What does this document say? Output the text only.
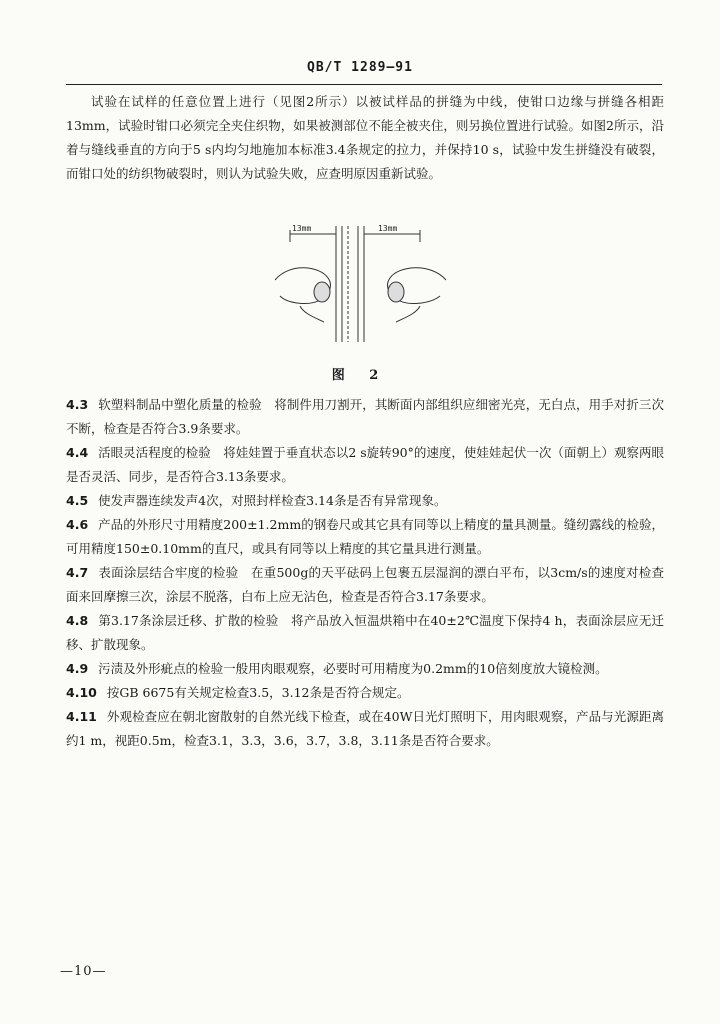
QB/T 1289—91

试验在试样的任意位置上进行（见图2所示）以被试样品的拼缝为中线，使钳口边缘与拼缝各相距13mm，试验时钳口必须完全夹住织物，如果被测部位不能全被夹住，则另换位置进行试验。如图2所示，沿着与缝线垂直的方向于5 s内均匀地施加本标准3.4条规定的拉力，并保持10 s，试验中发生拼缝没有破裂，而钳口处的纺织物破裂时，则认为试验失败，应查明原因重新试验。

13mm	13mm
图 2

4.3 软塑料制品中塑化质量的检验　将制件用刀割开，其断面内部组织应细密光亮，无白点，用手对折三次不断，检查是否符合3.9条要求。

4.4 活眼灵活程度的检验　将娃娃置于垂直状态以2 s旋转90°的速度，使娃娃起伏一次（面朝上）观察两眼是否灵活、同步，是否符合3.13条要求。

4.5 使发声器连续发声4次，对照封样检查3.14条是否有异常现象。

4.6 产品的外形尺寸用精度200±1.2mm的钢卷尺或其它具有同等以上精度的量具测量。缝纫露线的检验，可用精度150±0.10mm的直尺，或具有同等以上精度的其它量具进行测量。

4.7 表面涂层结合牢度的检验　在重500g的天平砝码上包裹五层湿润的漂白平布，以3cm/s的速度对检查面来回摩擦三次，涂层不脱落，白布上应无沾色，检查是否符合3.17条要求。

4.8 第3.17条涂层迁移、扩散的检验　将产品放入恒温烘箱中在40±2℃温度下保持4 h，表面涂层应无迁移、扩散现象。

4.9 污渍及外形疵点的检验一般用肉眼观察，必要时可用精度为0.2mm的10倍刻度放大镜检测。

4.10 按GB 6675有关规定检查3.5，3.12条是否符合规定。

4.11 外观检查应在朝北窗散射的自然光线下检查，或在40W日光灯照明下，用肉眼观察，产品与光源距离约1 m，视距0.5m，检查3.1，3.3，3.6，3.7，3.8，3.11条是否符合要求。

—10—
